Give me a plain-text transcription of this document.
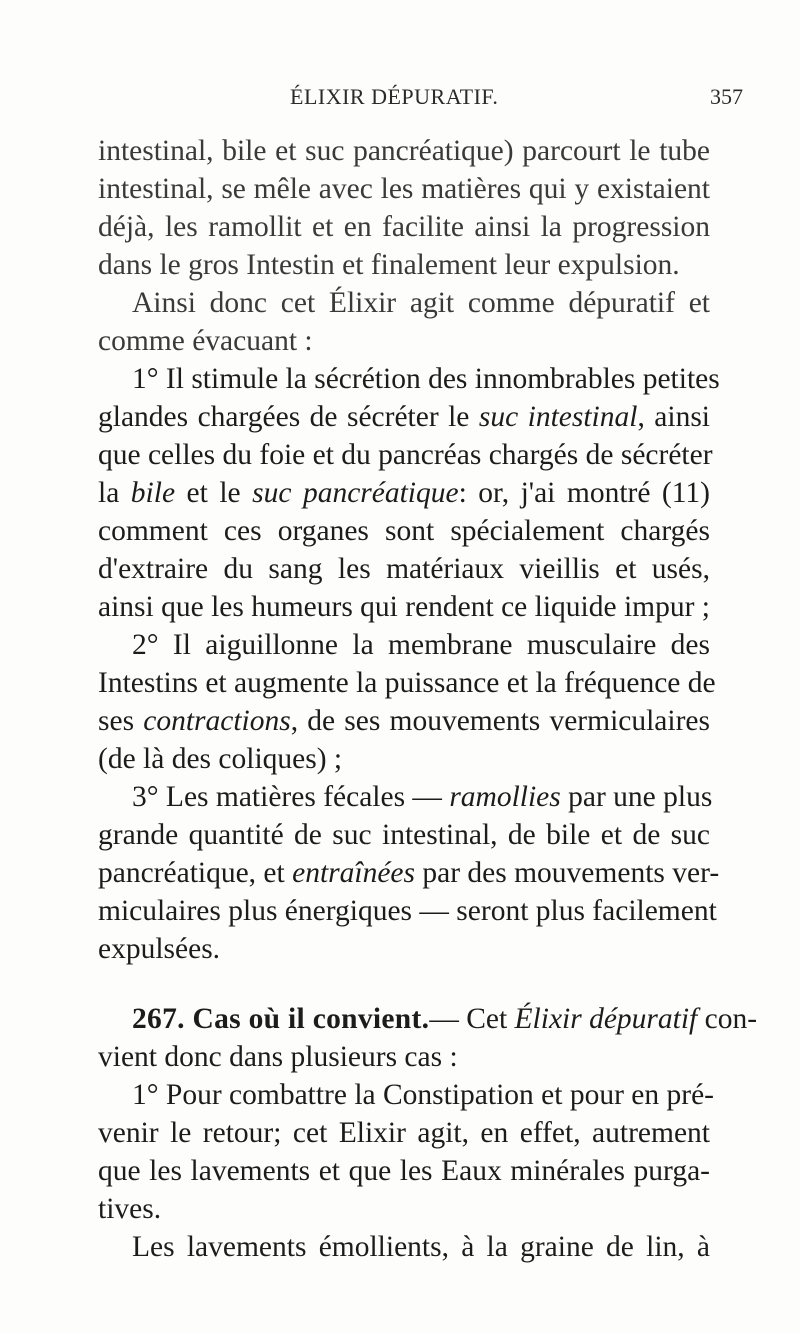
ÉLIXIR DÉPURATIF.	357
intestinal, bile et suc pancréatique) parcourt le tube
intestinal, se mêle avec les matières qui y existaient
déjà, les ramollit et en facilite ainsi la progression
dans le gros Intestin et finalement leur expulsion.
Ainsi donc cet Élixir agit comme dépuratif et
comme évacuant :
1° Il stimule la sécrétion des innombrables petites
glandes chargées de sécréter le suc intestinal, ainsi
que celles du foie et du pancréas chargés de sécréter
la bile et le suc pancréatique: or, j'ai montré (11)
comment ces organes sont spécialement chargés
d'extraire du sang les matériaux vieillis et usés,
ainsi que les humeurs qui rendent ce liquide impur ;
2° Il aiguillonne la membrane musculaire des
Intestins et augmente la puissance et la fréquence de
ses contractions, de ses mouvements vermiculaires
(de là des coliques) ;
3° Les matières fécales — ramollies par une plus
grande quantité de suc intestinal, de bile et de suc
pancréatique, et entraînées par des mouvements ver-
miculaires plus énergiques — seront plus facilement
expulsées.
267. Cas où il convient.— Cet Élixir dépuratif con-
vient donc dans plusieurs cas :
1° Pour combattre la Constipation et pour en pré-
venir le retour; cet Elixir agit, en effet, autrement
que les lavements et que les Eaux minérales purga-
tives.
Les lavements émollients, à la graine de lin, à
